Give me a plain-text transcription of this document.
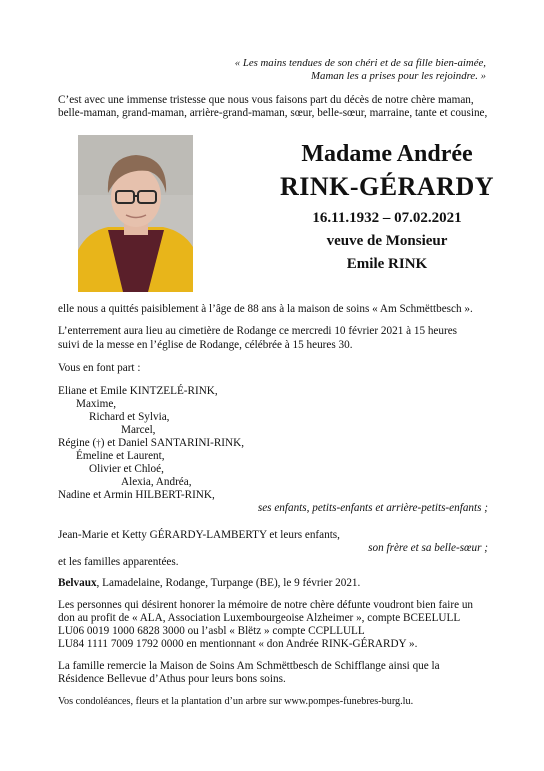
« Les mains tendues de son chéri et de sa fille bien-aimée,
Maman les a prises pour les rejoindre. »
C’est avec une immense tristesse que nous vous faisons part du décès de notre chère maman,
belle-maman, grand-maman, arrière-grand-maman, sœur, belle-sœur, marraine, tante et cousine,
Madame Andrée
RINK-GÉRARDY
16.11.1932 – 07.02.2021
veuve de Monsieur
Emile RINK
elle nous a quittés paisiblement à l’âge de 88 ans à la maison de soins « Am Schmëttbesch ».
L’enterrement aura lieu au cimetière de Rodange ce mercredi 10 février 2021 à 15 heures
suivi de la messe en l’église de Rodange, célébrée à 15 heures 30.
Vous en font part :
Eliane et Emile KINTZELÉ-RINK,
Maxime,
Richard et Sylvia,
Marcel,
Régine (†) et Daniel SANTARINI-RINK,
Émeline et Laurent,
Olivier et Chloé,
Alexia, Andréa,
Nadine et Armin HILBERT-RINK,
ses enfants, petits-enfants et arrière-petits-enfants ;
Jean-Marie et Ketty GÉRARDY-LAMBERTY et leurs enfants,
son frère et sa belle-sœur ;
et les familles apparentées.
Belvaux, Lamadelaine, Rodange, Turpange (BE), le 9 février 2021.
Les personnes qui désirent honorer la mémoire de notre chère défunte voudront bien faire un
don au profit de « ALA, Association Luxembourgeoise Alzheimer », compte BCEELULL
LU06 0019 1000 6828 3000 ou l’asbl « Blëtz » compte CCPLLULL
LU84 1111 7009 1792 0000 en mentionnant « don Andrée RINK-GÉRARDY ».
La famille remercie la Maison de Soins Am Schmëttbesch de Schifflange ainsi que la
Résidence Bellevue d’Athus pour leurs bons soins.
Vos condoléances, fleurs et la plantation d’un arbre sur www.pompes-funebres-burg.lu.
